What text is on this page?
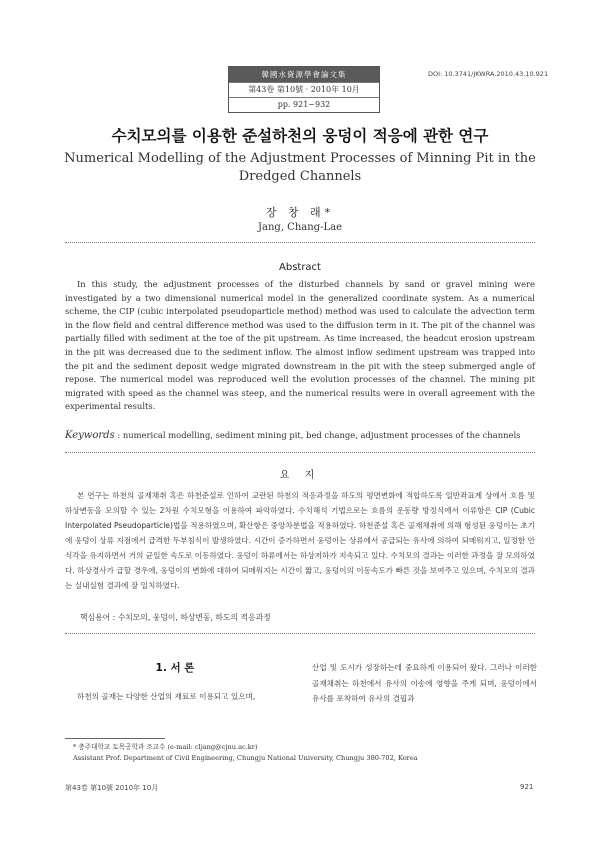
韓國水資源學會論文集
第43卷 第10號 · 2010年 10月
pp. 921~932
DOI: 10.3741/JKWRA.2010.43.10.921
수치모의를 이용한 준설하천의 웅덩이 적응에 관한 연구
Numerical Modelling of the Adjustment Processes of Minning Pit in the Dredged Channels
장 창 래*
Jang, Chang-Lae
Abstract
In this study, the adjustment processes of the disturbed channels by sand or gravel mining were investigated by a two dimensional numerical model in the generalized coordinate system. As a numerical scheme, the CIP (cubic interpolated pseudoparticle method) method was used to calculate the advection term in the flow field and central difference method was used to the diffusion term in it. The pit of the channel was partially filled with sediment at the toe of the pit upstream. As time increased, the headcut erosion upstream in the pit was decreased due to the sediment inflow. The almost inflow sediment upstream was trapped into the pit and the sediment deposit wedge migrated downstream in the pit with the steep submerged angle of repose. The numerical model was reproduced well the evolution processes of the channel. The mining pit migrated with speed as the channel was steep, and the numerical results were in overall agreement with the experimental results.
Keywords : numerical modelling, sediment mining pit, bed change, adjustment processes of the channels
요 지
본 연구는 하천의 골재채취 혹은 하천준설로 인하여 교란된 하천의 적응과정을 하도의 평면변화에 적합하도록 일반좌표계 상에서 흐름 및 하상변동을 모의할 수 있는 2차원 수치모형을 이용하여 파악하였다. 수치해석 기법으로는 흐름의 운동량 방정식에서 이류항은 CIP (Cubic Interpolated Pseudoparticle)법을 적용하였으며, 확산항은 중앙차분법을 적용하였다. 하천준설 혹은 골재채취에 의해 형성된 웅덩이는 초기에 웅덩이 상류 지점에서 급격한 두부침식이 발생하였다. 시간이 증가하면서 웅덩이는 상류에서 공급되는 유사에 의하여 되메워지고, 일정한 안식각을 유지하면서 거의 균일한 속도로 이동하였다. 웅덩이 하류에서는 하상저하가 지속되고 있다. 수치모의 결과는 이러한 과정을 잘 모의하였다. 하상경사가 급할 경우에, 웅덩이의 변화에 대하여 되메워지는 시간이 짧고, 웅덩이의 이동속도가 빠른 것을 보여주고 있으며, 수치모의 결과는 실내실험 결과에 잘 일치하였다.
핵심용어 : 수치모의, 웅덩이, 하상변동, 하도의 적응과정
1. 서 론
하천의 골재는 다양한 산업의 재료로 이용되고 있으며,
산업 및 도시가 성장하는데 중요하게 이용되어 왔다. 그러나 이러한 골재채취는 하천에서 유사의 이송에 영향을 주게 되며, 웅덩이에서 유사를 포착하여 유사의 결핍과
* 충주대학교 토목공학과 조교수 (e-mail: cljang@cjnu.ac.kr)
Assistant Prof. Department of Civil Engineering, Chungju National University, Chungju 380-702, Korea
第43卷 第10號 2010年 10月	921
